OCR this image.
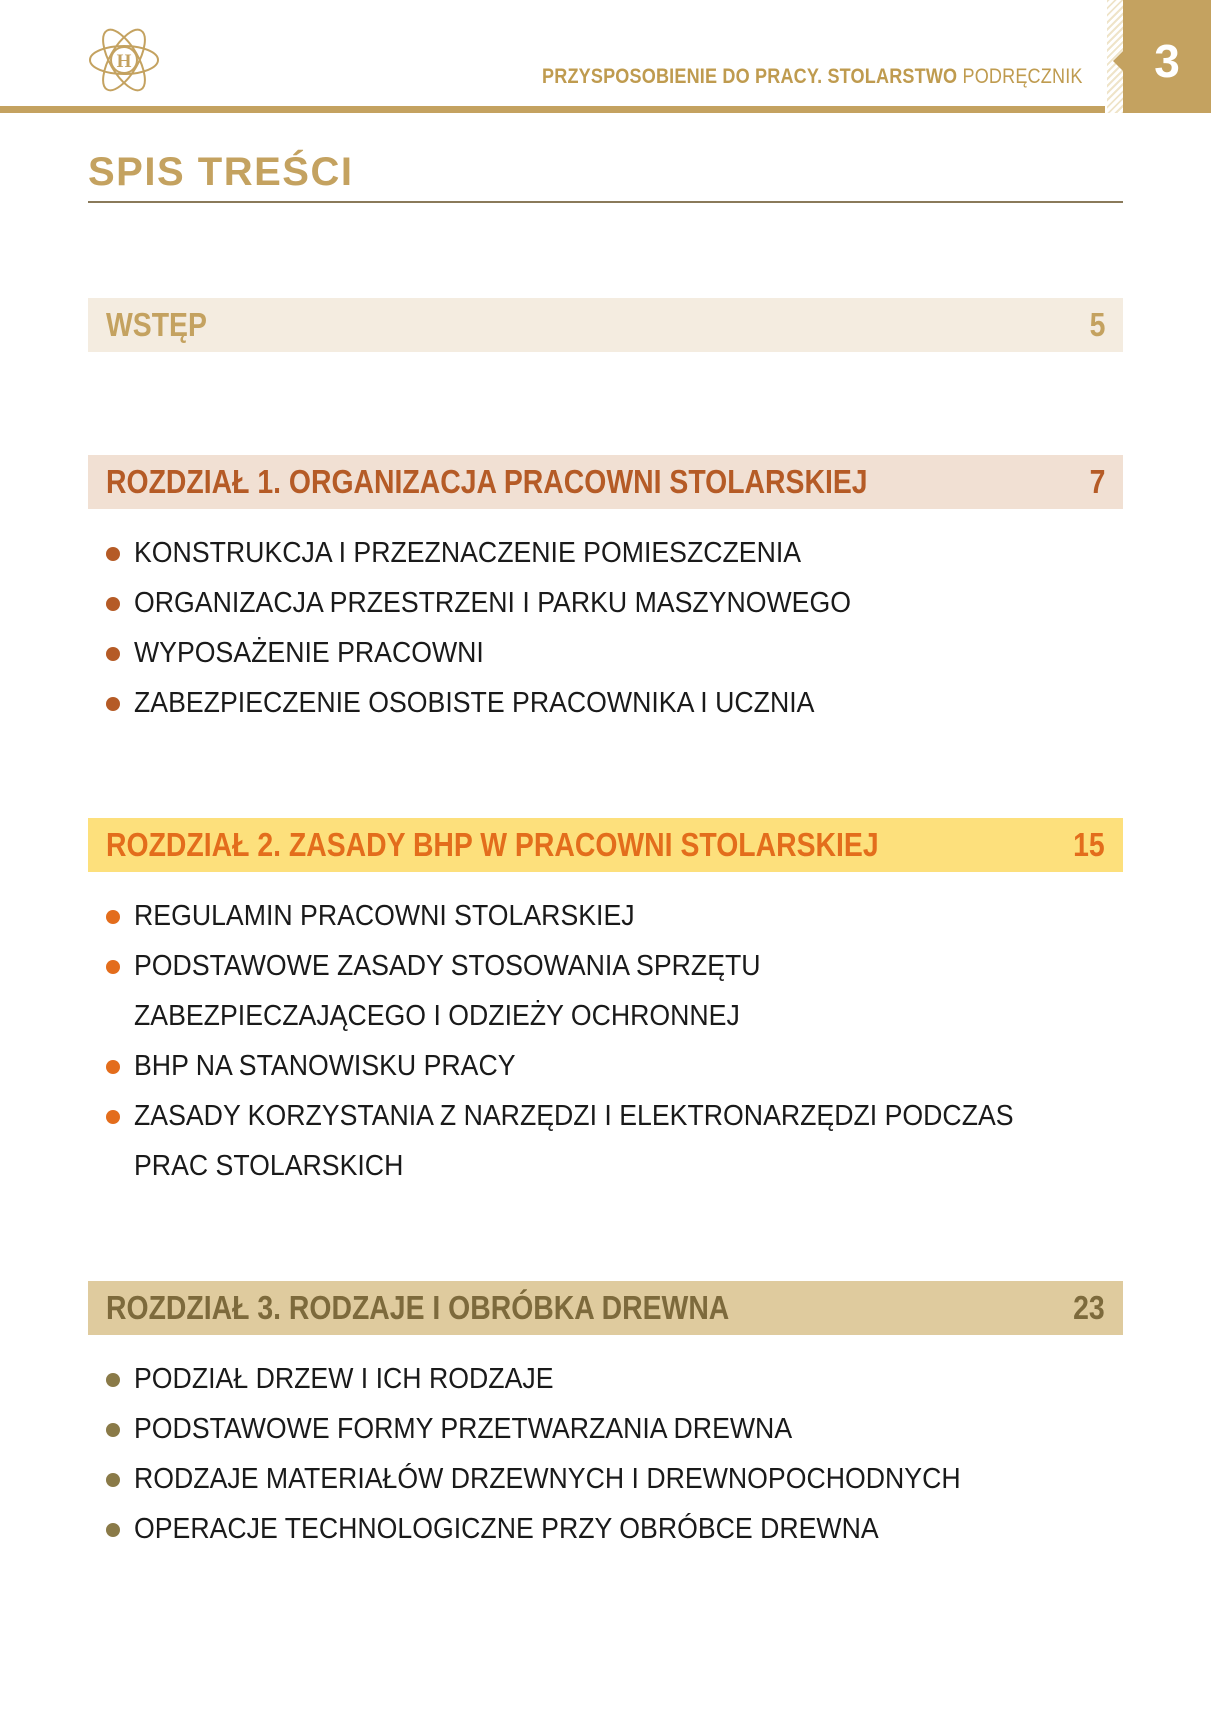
H
PRZYSPOSOBIENIE DO PRACY. STOLARSTWO PODRĘCZNIK	3
SPIS TREŚCI
WSTĘP	5
ROZDZIAŁ 1. ORGANIZACJA PRACOWNI STOLARSKIEJ	7
KONSTRUKCJA I PRZEZNACZENIE POMIESZCZENIA
ORGANIZACJA PRZESTRZENI I PARKU MASZYNOWEGO
WYPOSAŻENIE PRACOWNI
ZABEZPIECZENIE OSOBISTE PRACOWNIKA I UCZNIA
ROZDZIAŁ 2. ZASADY BHP W PRACOWNI STOLARSKIEJ	15
REGULAMIN PRACOWNI STOLARSKIEJ
PODSTAWOWE ZASADY STOSOWANIA SPRZĘTU
ZABEZPIECZAJĄCEGO I ODZIEŻY OCHRONNEJ
BHP NA STANOWISKU PRACY
ZASADY KORZYSTANIA Z NARZĘDZI I ELEKTRONARZĘDZI PODCZAS
PRAC STOLARSKICH
ROZDZIAŁ 3. RODZAJE I OBRÓBKA DREWNA	23
PODZIAŁ DRZEW I ICH RODZAJE
PODSTAWOWE FORMY PRZETWARZANIA DREWNA
RODZAJE MATERIAŁÓW DRZEWNYCH I DREWNOPOCHODNYCH
OPERACJE TECHNOLOGICZNE PRZY OBRÓBCE DREWNA
